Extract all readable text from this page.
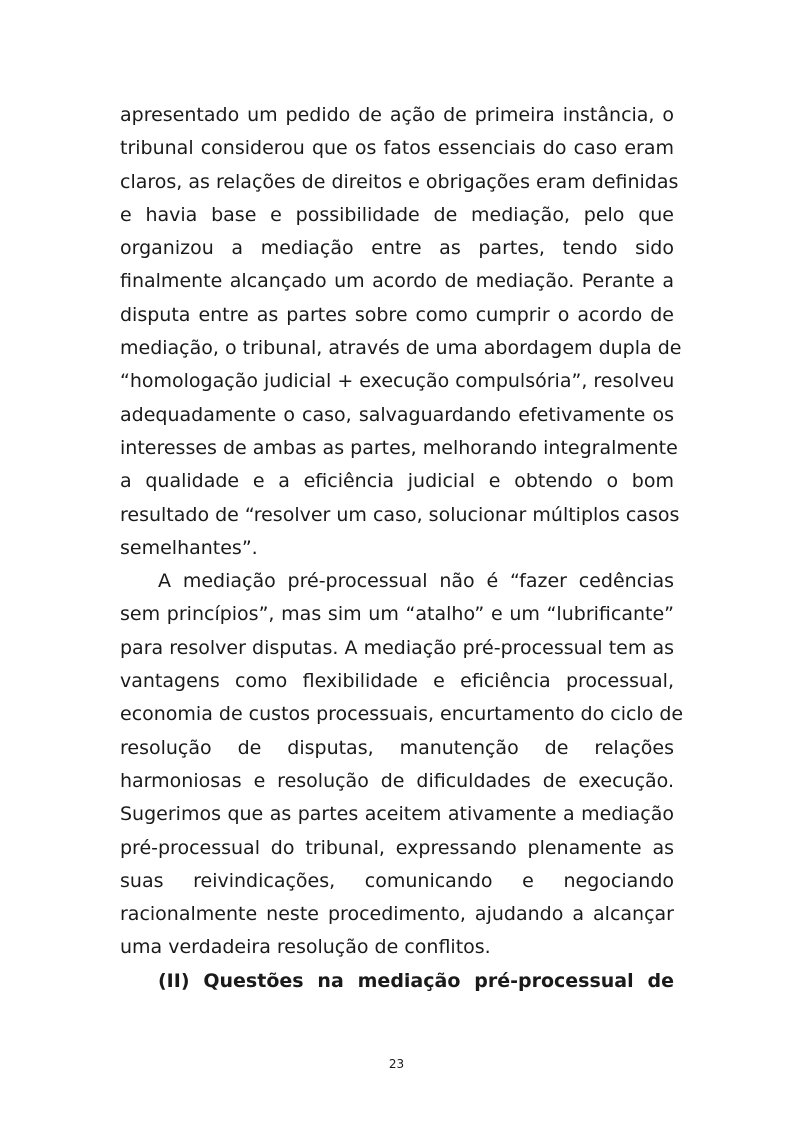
apresentado um pedido de ação de primeira instância, o
tribunal considerou que os fatos essenciais do caso eram
claros, as relações de direitos e obrigações eram definidas
e havia base e possibilidade de mediação, pelo que
organizou a mediação entre as partes, tendo sido
finalmente alcançado um acordo de mediação. Perante a
disputa entre as partes sobre como cumprir o acordo de
mediação, o tribunal, através de uma abordagem dupla de
“homologação judicial + execução compulsória”, resolveu
adequadamente o caso, salvaguardando efetivamente os
interesses de ambas as partes, melhorando integralmente
a qualidade e a eficiência judicial e obtendo o bom
resultado de “resolver um caso, solucionar múltiplos casos
semelhantes”.
A mediação pré-processual não é “fazer cedências
sem princípios”, mas sim um “atalho” e um “lubrificante”
para resolver disputas. A mediação pré-processual tem as
vantagens como flexibilidade e eficiência processual,
economia de custos processuais, encurtamento do ciclo de
resolução de disputas, manutenção de relações
harmoniosas e resolução de dificuldades de execução.
Sugerimos que as partes aceitem ativamente a mediação
pré-processual do tribunal, expressando plenamente as
suas reivindicações, comunicando e negociando
racionalmente neste procedimento, ajudando a alcançar
uma verdadeira resolução de conflitos.
(II) Questões na mediação pré-processual de
23
